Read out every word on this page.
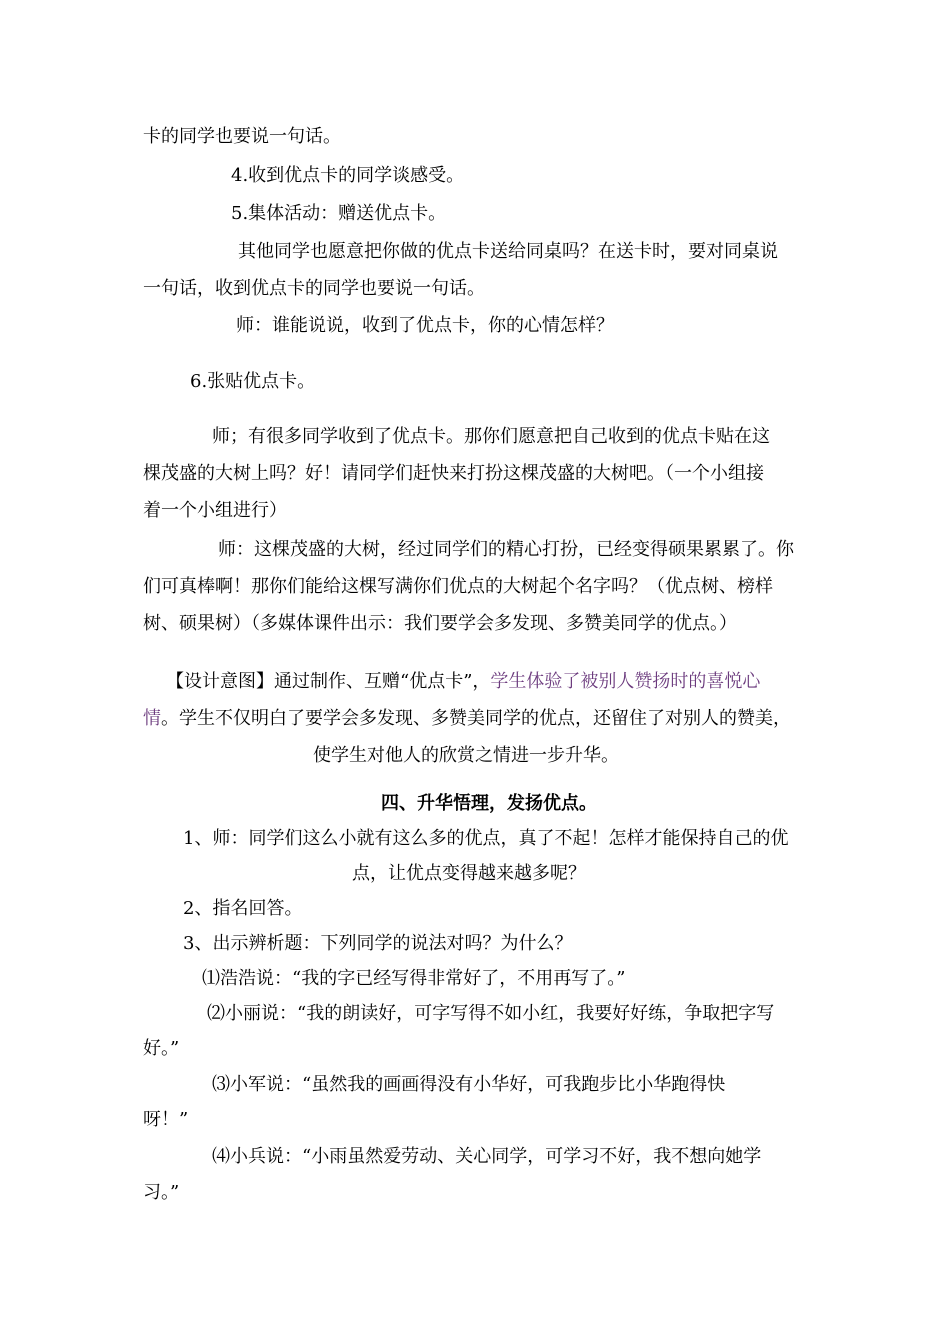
卡的同学也要说一句话。
4.收到优点卡的同学谈感受。
5.集体活动：赠送优点卡。
其他同学也愿意把你做的优点卡送给同桌吗？在送卡时，要对同桌说
一句话，收到优点卡的同学也要说一句话。
师：谁能说说，收到了优点卡，你的心情怎样？
6.张贴优点卡。
师；有很多同学收到了优点卡。那你们愿意把自己收到的优点卡贴在这
棵茂盛的大树上吗？好！请同学们赶快来打扮这棵茂盛的大树吧。（一个小组接
着一个小组进行）
师：这棵茂盛的大树，经过同学们的精心打扮，已经变得硕果累累了。你
们可真棒啊！那你们能给这棵写满你们优点的大树起个名字吗？（优点树、榜样
树、硕果树）（多媒体课件出示：我们要学会多发现、多赞美同学的优点。）
【设计意图】通过制作、互赠“优点卡”，学生体验了被别人赞扬时的喜悦心
情。学生不仅明白了要学会多发现、多赞美同学的优点，还留住了对别人的赞美，
使学生对他人的欣赏之情进一步升华。
四、升华悟理，发扬优点。
1、师：同学们这么小就有这么多的优点，真了不起！怎样才能保持自己的优
点，让优点变得越来越多呢？
2、指名回答。
3、出示辨析题：下列同学的说法对吗？为什么？
⑴浩浩说：“我的字已经写得非常好了，不用再写了。”
⑵小丽说：“我的朗读好，可字写得不如小红，我要好好练，争取把字写
好。”
⑶小军说：“虽然我的画画得没有小华好，可我跑步比小华跑得快
呀！”
⑷小兵说：“小雨虽然爱劳动、关心同学，可学习不好，我不想向她学
习。”
